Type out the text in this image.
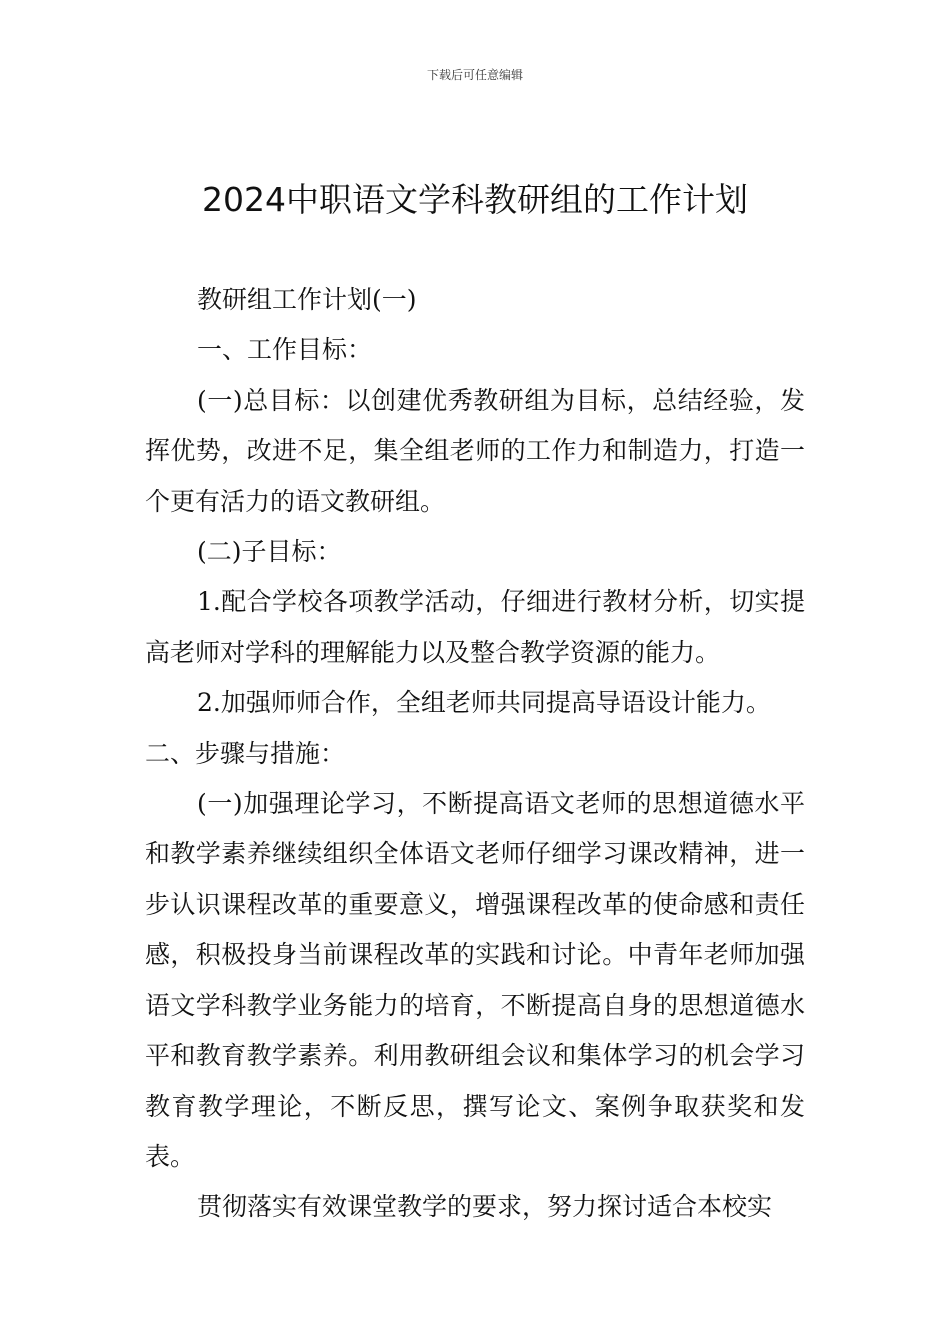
下载后可任意编辑
2024中职语文学科教研组的工作计划

教研组工作计划(一)

一、工作目标：

(一)总目标：以创建优秀教研组为目标，总结经验，发挥优势，改进不足，集全组老师的工作力和制造力，打造一个更有活力的语文教研组。

(二)子目标：

1.配合学校各项教学活动，仔细进行教材分析，切实提高老师对学科的理解能力以及整合教学资源的能力。

2.加强师师合作，全组老师共同提高导语设计能力。

二、步骤与措施：

(一)加强理论学习，不断提高语文老师的思想道德水平和教学素养继续组织全体语文老师仔细学习课改精神，进一步认识课程改革的重要意义，增强课程改革的使命感和责任感，积极投身当前课程改革的实践和讨论。中青年老师加强语文学科教学业务能力的培育，不断提高自身的思想道德水平和教育教学素养。利用教研组会议和集体学习的机会学习教育教学理论，不断反思，撰写论文、案例争取获奖和发表。

贯彻落实有效课堂教学的要求，努力探讨适合本校实
